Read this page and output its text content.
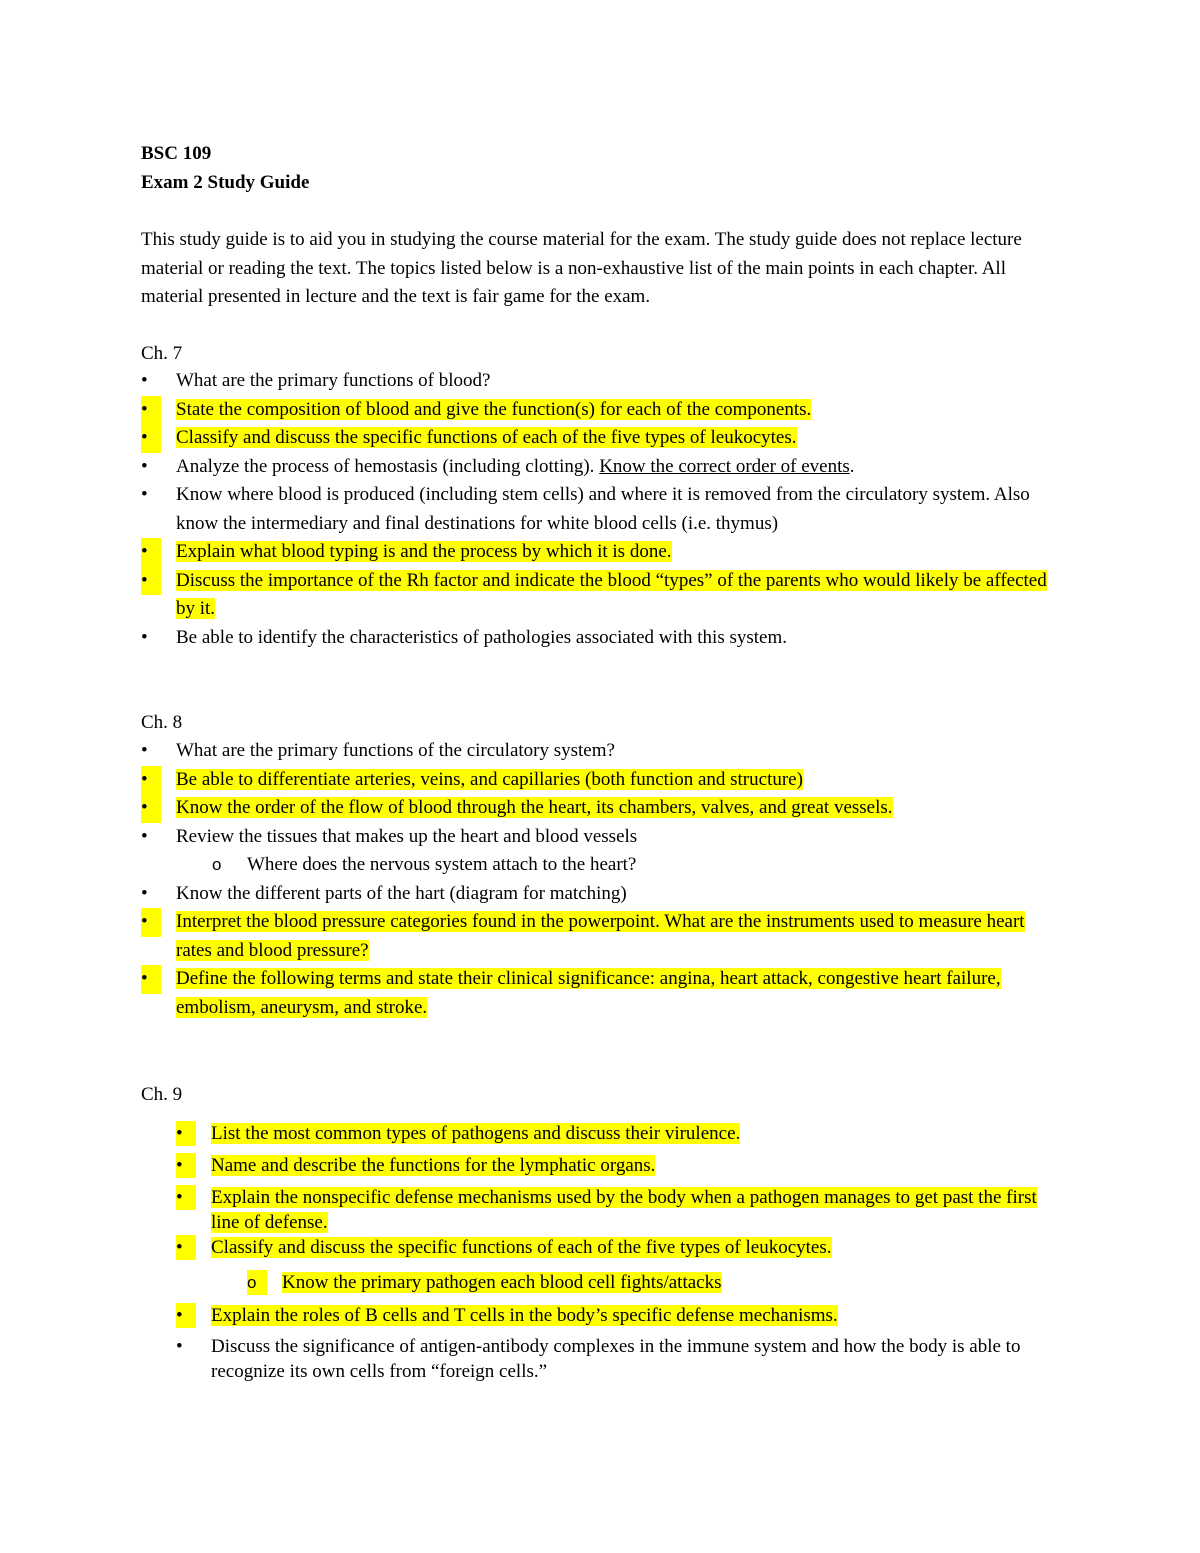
BSC 109
Exam 2 Study Guide

This study guide is to aid you in studying the course material for the exam. The study guide does not replace lecture material or reading the text. The topics listed below is a non-exhaustive list of the main points in each chapter. All material presented in lecture and the text is fair game for the exam.

Ch. 7
•	What are the primary functions of blood?
•	State the composition of blood and give the function(s) for each of the components.
•	Classify and discuss the specific functions of each of the five types of leukocytes.
•	Analyze the process of hemostasis (including clotting). Know the correct order of events.
•	Know where blood is produced (including stem cells) and where it is removed from the circulatory system. Also know the intermediary and final destinations for white blood cells (i.e. thymus)
•	Explain what blood typing is and the process by which it is done.
•	Discuss the importance of the Rh factor and indicate the blood “types” of the parents who would likely be affected by it.
•	Be able to identify the characteristics of pathologies associated with this system.
Ch. 8
•	What are the primary functions of the circulatory system?
•	Be able to differentiate arteries, veins, and capillaries (both function and structure)
•	Know the order of the flow of blood through the heart, its chambers, valves, and great vessels.
•	Review the tissues that makes up the heart and blood vessels
o	Where does the nervous system attach to the heart?
•	Know the different parts of the hart (diagram for matching)
•	Interpret the blood pressure categories found in the powerpoint. What are the instruments used to measure heart rates and blood pressure?
•	Define the following terms and state their clinical significance: angina, heart attack, congestive heart failure, embolism, aneurysm, and stroke.
Ch. 9
•	List the most common types of pathogens and discuss their virulence.
•	Name and describe the functions for the lymphatic organs.
•	Explain the nonspecific defense mechanisms used by the body when a pathogen manages to get past the first line of defense.
•	Classify and discuss the specific functions of each of the five types of leukocytes.
o	Know the primary pathogen each blood cell fights/attacks
•	Explain the roles of B cells and T cells in the body’s specific defense mechanisms.
•	Discuss the significance of antigen-antibody complexes in the immune system and how the body is able to recognize its own cells from “foreign cells.”
